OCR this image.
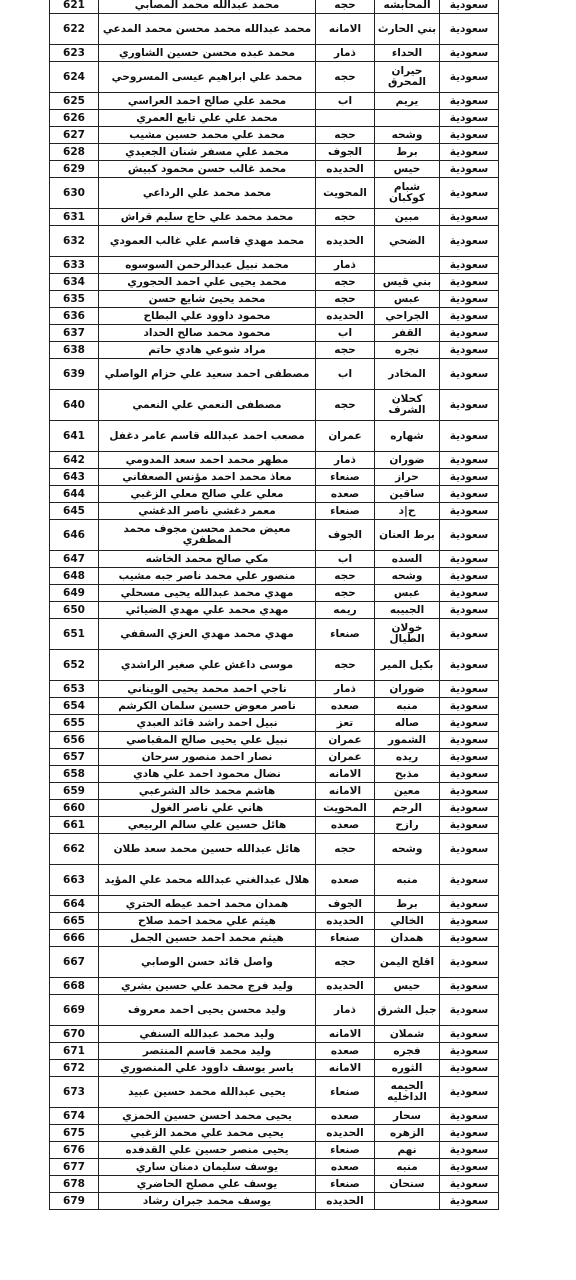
621	محمد عبدالله محمد المصابي	حجه	المحابشه	سعودية
622	محمد عبدالله محمد محسن محمد المدعي	الامانه	بني الحارث	سعودية
623	محمد عبده محسن حسين الشاوري	ذمار	الحداء	سعودية
624	محمد علي ابراهيم عيسى المسروحي	حجه	حيران المحرق	سعودية
625	محمد علي صالح احمد العراسي	اب	يريم	سعودية
626	محمد علي علي تابع العمري			سعودية
627	محمد علي محمد حسين مشيب	حجه	وشحه	سعودية
628	محمد علي مسفر شنان الجعيدي	الجوف	برط	سعودية
629	محمد غالب حسن محمود كبيش	الحديده	حيس	سعودية
630	محمد محمد علي الرداعي	المحويت	شبام كوكبان	سعودية
631	محمد محمد علي حاج سليم قراش	حجه	مبين	سعودية
632	محمد مهدي قاسم علي غالب العمودي	الحديده	الضحي	سعودية
633	محمد نبيل عبدالرحمن السوسوه	ذمار		سعودية
634	محمد يحيى علي احمد الحجوري	حجه	بني قيس	سعودية
635	محمد يحيئ شايع حسن	حجه	عبس	سعودية
636	محمود داوود علي البطاح	الحديده	الجراحي	سعودية
637	محمود محمد صالح الحداد	اب	القفر	سعودية
638	مراد شوعي هادي حاتم	حجه	نجره	سعودية
639	مصطفى احمد سعيد علي حزام الواصلي	اب	المخادر	سعودية
640	مصطفى النعمي علي النعمي	حجه	كحلان الشرف	سعودية
641	مصعب احمد عبدالله قاسم عامر دغفل	عمران	شهاره	سعودية
642	مطهر محمد احمد سعد المدومي	ذمار	ضوران	سعودية
643	معاذ محمد احمد مؤنس الصعفاني	صنعاء	حراز	سعودية
644	معلي علي صالح معلي الزغبي	صعده	ساقين	سعودية
645	معمر دغشي ناصر الدغشي	صنعاء	ح|د	سعودية
646	معيض محمد محسن مجوف محمد المطفري	الجوف	برط العنان	سعودية
647	مكي صالح محمد الخاشه	اب	السده	سعودية
648	منصور علي محمد ناصر جبه مشيب	حجه	وشحه	سعودية
649	مهدي محمد عبدالله يحيى مسحلي	حجه	عبس	سعودية
650	مهدي محمد علي مهدي الضيائي	ريمه	الجبيبه	سعودية
651	مهدي محمد مهدي العزي السقفي	صنعاء	خولان الطيال	سعودية
652	موسى داغش علي صغير الراشدي	حجه	بكيل المير	سعودية
653	ناجي احمد محمد يحيى الويناني	ذمار	ضوران	سعودية
654	ناصر معوض حسين سلمان الكرشم	صعده	منبه	سعودية
655	نبيل احمد راشد قائد العبدي	تعز	صاله	سعودية
656	نبيل علي يحيى صالح المقباصي	عمران	الشمور	سعودية
657	نصار احمد منصور سرحان	عمران	ريده	سعودية
658	نضال محمود احمد علي هادي	الامانه	مذبح	سعودية
659	هاشم محمد خالد الشرعبي	الامانه	معين	سعودية
660	هاني علي ناصر الغول	المحويت	الرجم	سعودية
661	هائل حسين علي سالم الربيعي	صعده	رازح	سعودية
662	هائل عبدالله حسين محمد سعد طلان	حجه	وشحه	سعودية
663	هلال عبدالغني عبدالله محمد علي المؤيد	صعده	منبه	سعودية
664	همدان محمد احمد عيطه الحتري	الجوف	برط	سعودية
665	هيثم علي محمد احمد صلاح	الحديده	الخالي	سعودية
666	هيثم محمد احمد حسين الجمل	صنعاء	همدان	سعودية
667	واصل قائد حسن الوصابي	حجه	اقلح اليمن	سعودية
668	وليد فرج محمد علي حسين بشري	الحديده	حيس	سعودية
669	وليد محسن يحيى احمد معروف	ذمار	جبل الشرق	سعودية
670	وليد محمد عبدالله السنفي	الامانه	شملان	سعودية
671	وليد محمد قاسم المنتصر	صعده	فجره	سعودية
672	ياسر يوسف داوود علي المنصوري	الامانه	الثوره	سعودية
673	يحيى عبدالله محمد حسين عبيد	صنعاء	الحيمه الداخليه	سعودية
674	يحيى محمد احسن حسين الحمزي	صعده	سحار	سعودية
675	يحيى محمد علي محمد الزغبي	الحديده	الزهره	سعودية
676	يحيى منصر حسين علي القدفده	صنعاء	نهم	سعودية
677	يوسف سليمان دمنان ساري	صعده	منبه	سعودية
678	يوسف علي مصلح الحاضري	صنعاء	سنحان	سعودية
679	يوسف محمد جبران رشاد	الحديده		سعودية
